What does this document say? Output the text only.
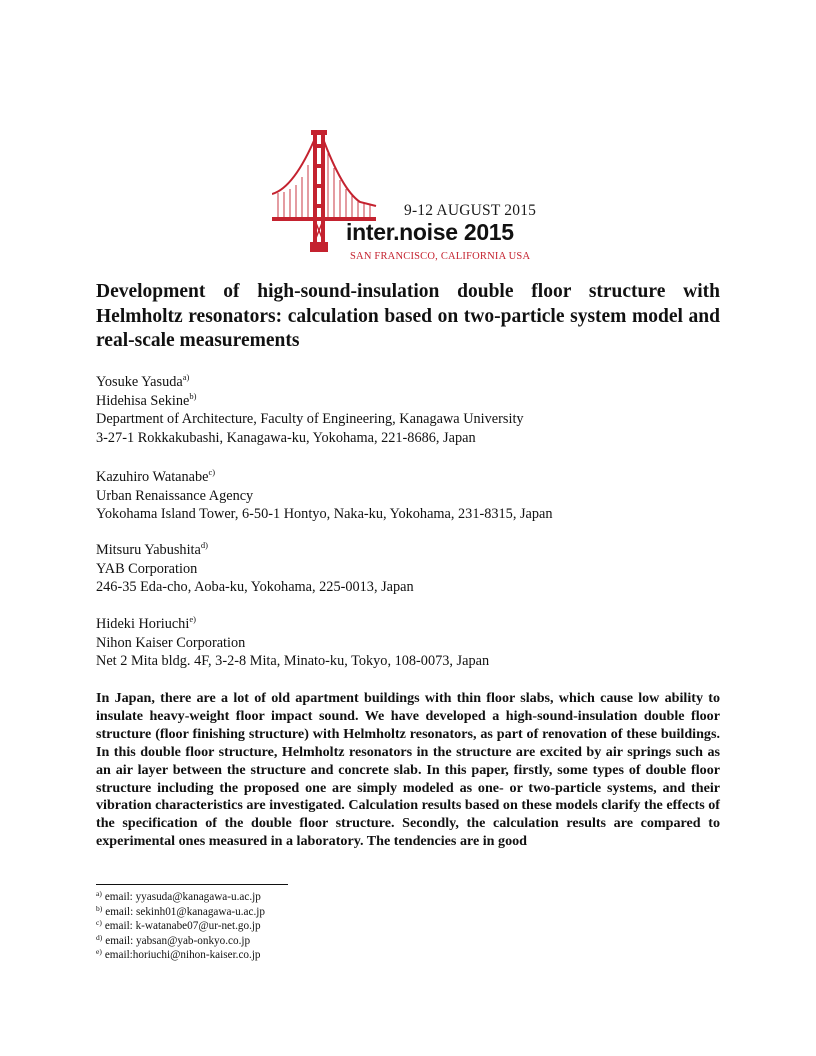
9-12 AUGUST 2015
inter.noise 2015
SAN FRANCISCO, CALIFORNIA USA
Development of high-sound-insulation double floor structure with Helmholtz resonators: calculation based on two-particle system model and real-scale measurements
Yosuke Yasuda$^{a)}$
Hidehisa Sekine$^{b)}$
Department of Architecture, Faculty of Engineering, Kanagawa University
3-27-1 Rokkakubashi, Kanagawa-ku, Yokohama, 221-8686, Japan
Kazuhiro Watanabe$^{c)}$
Urban Renaissance Agency
Yokohama Island Tower, 6-50-1 Hontyo, Naka-ku, Yokohama, 231-8315, Japan
Mitsuru Yabushita$^{d)}$
YAB Corporation
246-35 Eda-cho, Aoba-ku, Yokohama, 225-0013, Japan
Hideki Horiuchi$^{e)}$
Nihon Kaiser Corporation
Net 2 Mita bldg. 4F, 3-2-8 Mita, Minato-ku, Tokyo, 108-0073, Japan

In Japan, there are a lot of old apartment buildings with thin floor slabs, which cause low ability to insulate heavy-weight floor impact sound. We have developed a high-sound-insulation double floor structure (floor finishing structure) with Helmholtz resonators, as part of renovation of these buildings. In this double floor structure, Helmholtz resonators in the structure are excited by air springs such as an air layer between the structure and concrete slab. In this paper, firstly, some types of double floor structure including the proposed one are simply modeled as one- or two-particle systems, and their vibration characteristics are investigated. Calculation results based on these models clarify the effects of the specification of the double floor structure. Secondly, the calculation results are compared to experimental ones measured in a laboratory. The tendencies are in good

$^{a)}$ email: yyasuda@kanagawa-u.ac.jp
$^{b)}$ email: sekinh01@kanagawa-u.ac.jp
$^{c)}$ email: k-watanabe07@ur-net.go.jp
$^{d)}$ email: yabsan@yab-onkyo.co.jp
$^{e)}$ email:horiuchi@nihon-kaiser.co.jp
